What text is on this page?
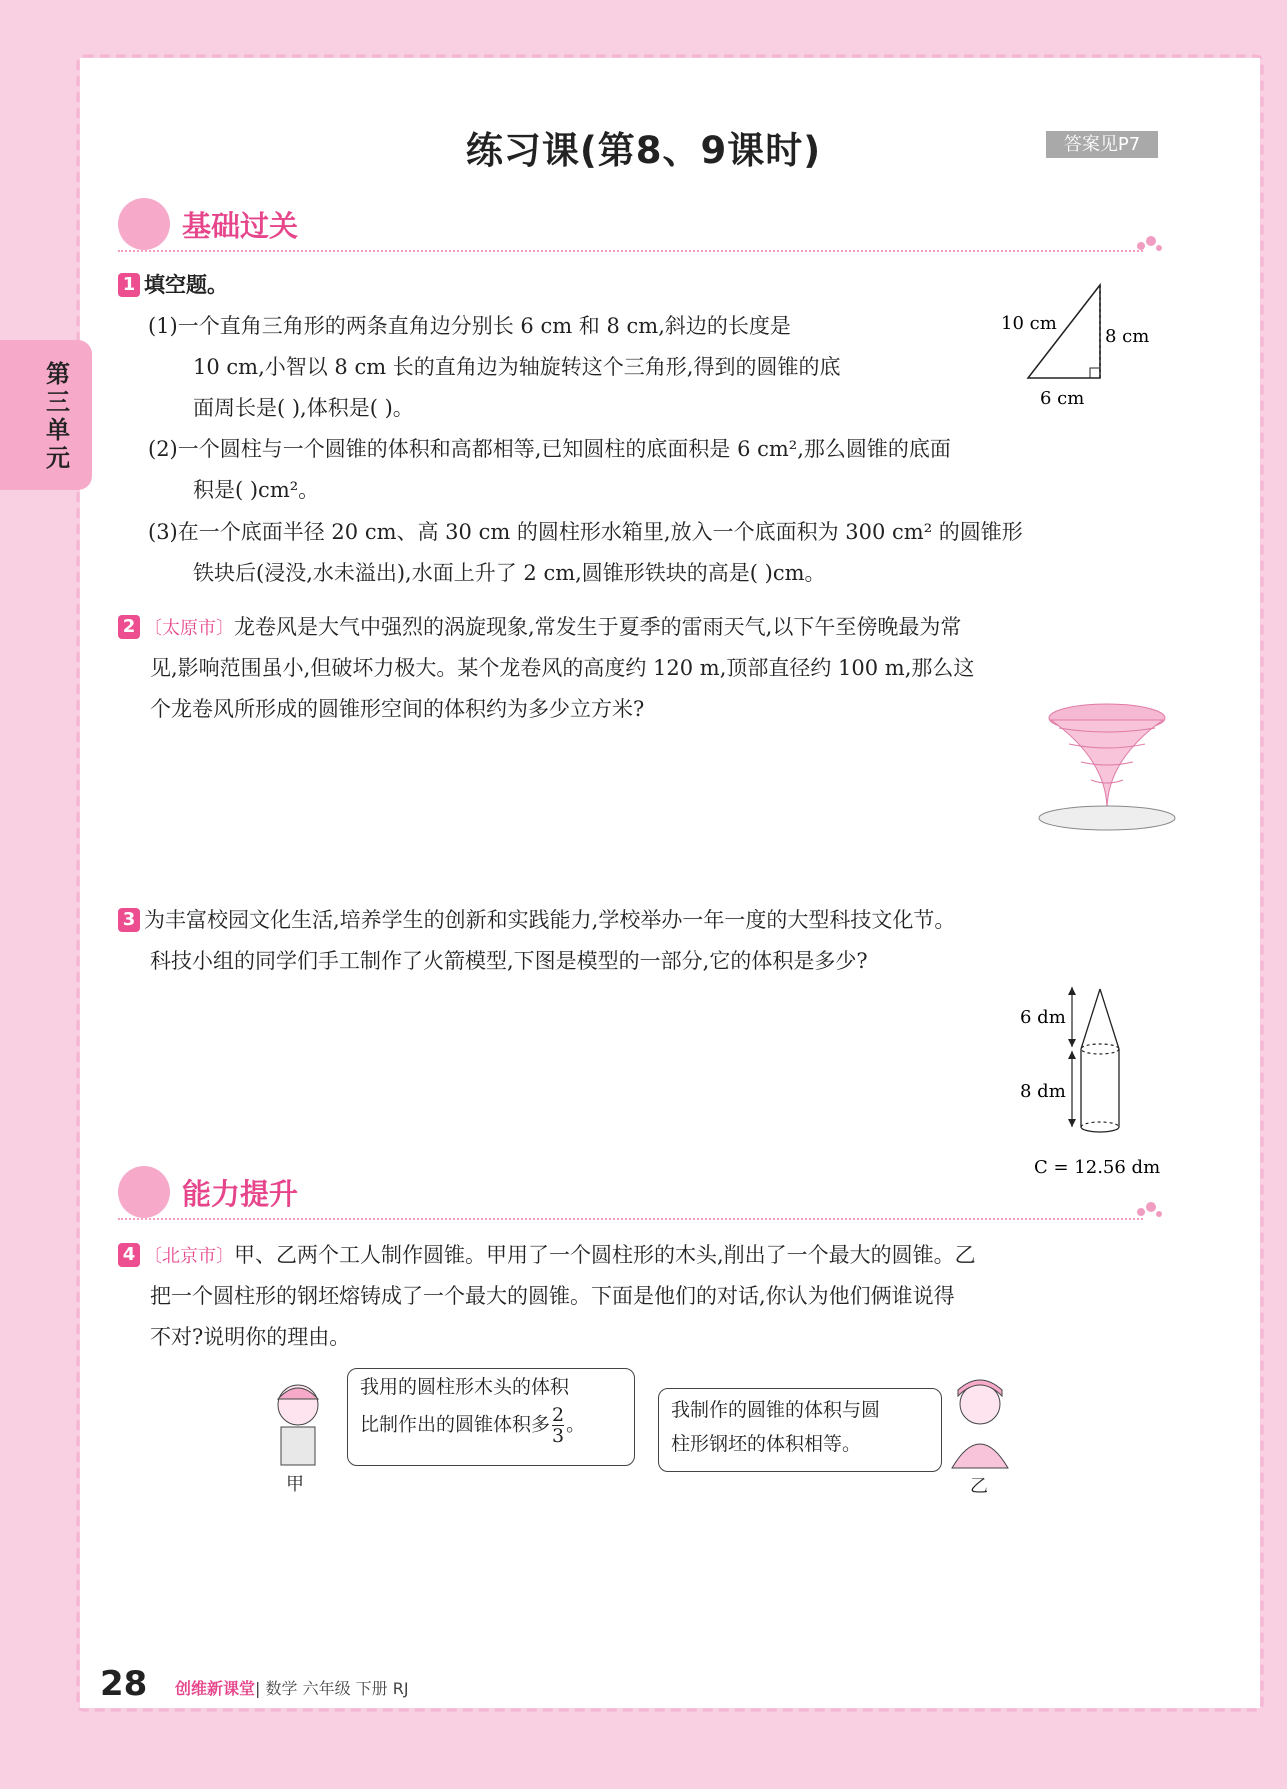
第三单元
练习课(第8、9课时)	答案见P7
基础过关
1 填空题。
(1)一个直角三角形的两条直角边分别长 6 cm 和 8 cm,斜边的长度是
10 cm,小智以 8 cm 长的直角边为轴旋转这个三角形,得到的圆锥的底
面周长是( ),体积是( )。
10 cm
8 cm
6 cm
(2)一个圆柱与一个圆锥的体积和高都相等,已知圆柱的底面积是 6 cm²,那么圆锥的底面
积是( )cm²。
(3)在一个底面半径 20 cm、高 30 cm 的圆柱形水箱里,放入一个底面积为 300 cm² 的圆锥形
铁块后(浸没,水未溢出),水面上升了 2 cm,圆锥形铁块的高是( )cm。
2 〔太原市〕龙卷风是大气中强烈的涡旋现象,常发生于夏季的雷雨天气,以下午至傍晚最为常
见,影响范围虽小,但破坏力极大。某个龙卷风的高度约 120 m,顶部直径约 100 m,那么这
个龙卷风所形成的圆锥形空间的体积约为多少立方米?
3 为丰富校园文化生活,培养学生的创新和实践能力,学校举办一年一度的大型科技文化节。
科技小组的同学们手工制作了火箭模型,下图是模型的一部分,它的体积是多少?
6 dm
8 dm
C = 12.56 dm
能力提升
4 〔北京市〕甲、乙两个工人制作圆锥。甲用了一个圆柱形的木头,削出了一个最大的圆锥。乙
把一个圆柱形的钢坯熔铸成了一个最大的圆锥。下面是他们的对话,你认为他们俩谁说得
不对?说明你的理由。
甲
我用的圆柱形木头的体积
比制作出的圆锥体积多 $\frac{2}{3}$ 。
我制作的圆锥的体积与圆
柱形钢坯的体积相等。
乙
28 创维新课堂| 数学 六年级 下册 RJ
